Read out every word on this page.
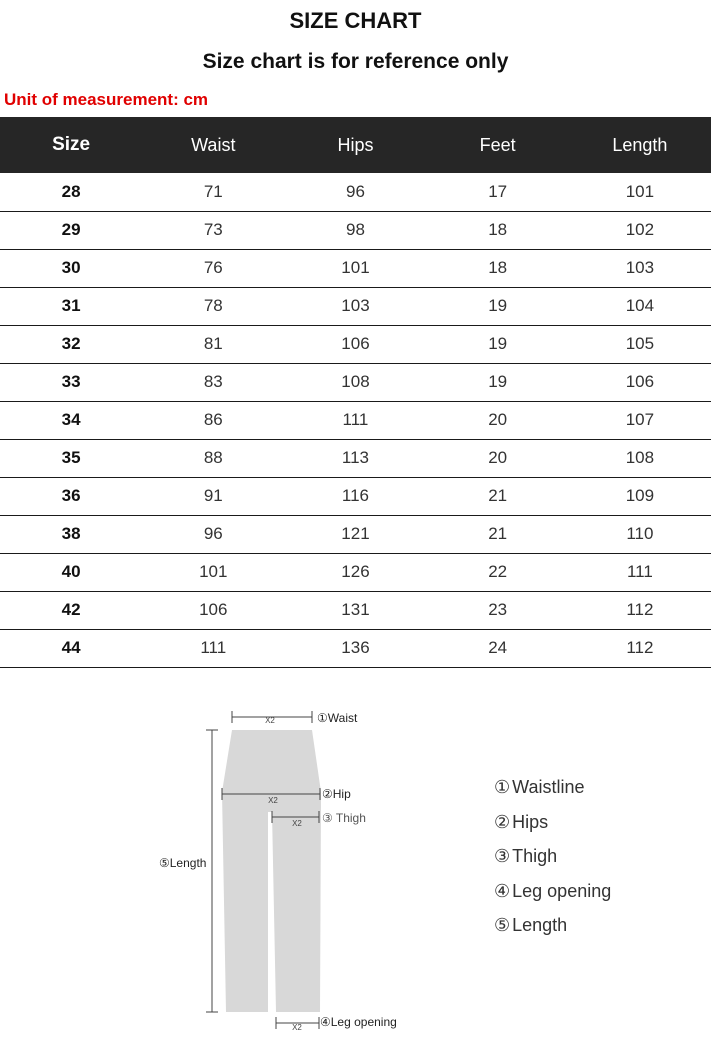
SIZE CHART
Size chart is for reference only
Unit of measurement: cm
Size	Waist	Hips	Feet	Length
28	71	96	17	101
29	73	98	18	102
30	76	101	18	103
31	78	103	19	104
32	81	106	19	105
33	83	108	19	106
34	86	111	20	107
35	88	113	20	108
36	91	116	21	109
38	96	121	21	110
40	101	126	22	111
42	106	131	23	112
44	111	136	24	112
X2	①Waist
X2	②Hip
X2 ③ Thigh
⑤Length
X2 ④Leg opening
① Waistline
② Hips
③ Thigh
④ Leg opening
⑤ Length
